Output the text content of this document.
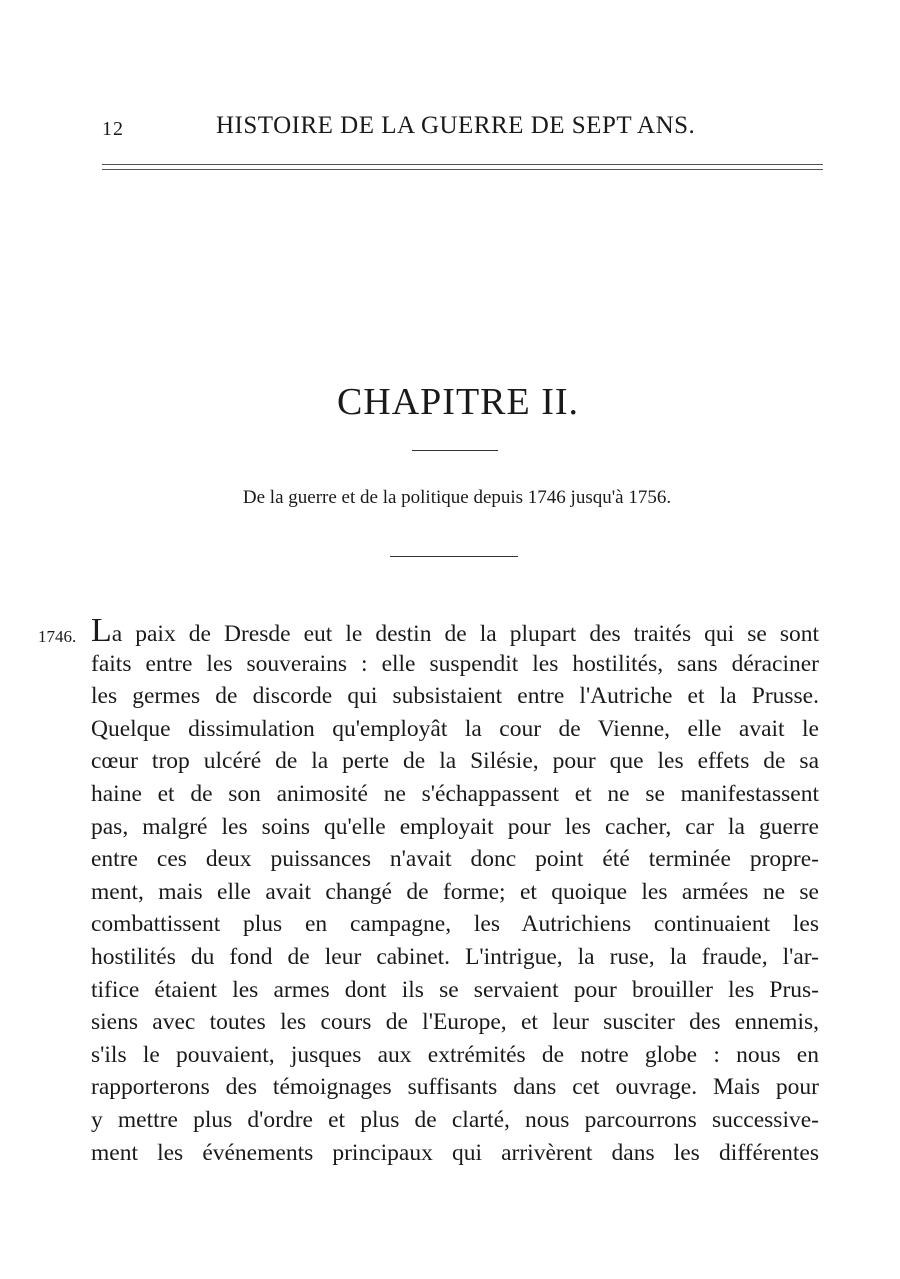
12	HISTOIRE DE LA GUERRE DE SEPT ANS.
CHAPITRE II.
De la guerre et de la politique depuis 1746 jusqu'à 1756.
1746. La paix de Dresde eut le destin de la plupart des traités qui se sont
faits entre les souverains : elle suspendit les hostilités, sans déraciner
les germes de discorde qui subsistaient entre l'Autriche et la Prusse.
Quelque dissimulation qu'employât la cour de Vienne, elle avait le
cœur trop ulcéré de la perte de la Silésie, pour que les effets de sa
haine et de son animosité ne s'échappassent et ne se manifestassent
pas, malgré les soins qu'elle employait pour les cacher, car la guerre
entre ces deux puissances n'avait donc point été terminée propre-
ment, mais elle avait changé de forme; et quoique les armées ne se
combattissent plus en campagne, les Autrichiens continuaient les
hostilités du fond de leur cabinet. L'intrigue, la ruse, la fraude, l'ar-
tifice étaient les armes dont ils se servaient pour brouiller les Prus-
siens avec toutes les cours de l'Europe, et leur susciter des ennemis,
s'ils le pouvaient, jusques aux extrémités de notre globe : nous en
rapporterons des témoignages suffisants dans cet ouvrage. Mais pour
y mettre plus d'ordre et plus de clarté, nous parcourrons successive-
ment les événements principaux qui arrivèrent dans les différentes
